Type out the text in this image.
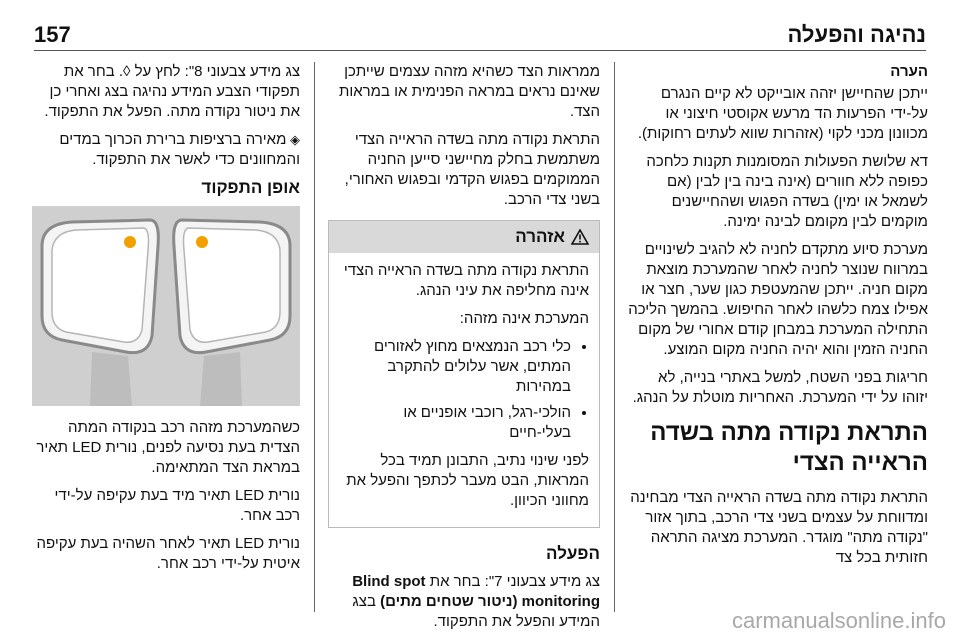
157	נהיגה והפעלה
הערה

ייתכן שהחיישן יזהה אובייקט לא קיים הנגרם על-ידי הפרעות הד מרעש אקוסטי חיצוני או מכוונון מכני לקוי (אזהרות שווא לעתים רחוקות).

דא שלושת הפעולות המסומנות תקנות כלחכה כפופה ללא חוורים (אינה בינה בין לבין (אם לשמאל או ימין) בשדה הפגוש ושהחיישנים מוקמים לבין מקומם לבינה ימינה.

מערכת סיוע מתקדם לחניה לא להגיב לשינויים במרווח שנוצר לחניה לאחר שהמערכת מוצאת מקום חניה. ייתכן שהמעטפת כגון שער, חצר או אפילו צמח כלשהו לאחר החיפוש. בהמשך הליכה התחילה המערכת במבחן קודם אחורי של מקום החניה הזמין והוא יהיה החניה מקום המוצע.

חריגות בפני השטח, למשל באתרי בנייה, לא יזוהו על ידי המערכת. האחריות מוטלת על הנהג.

התראת נקודה מתה בשדה הראייה הצדי

התראת נקודה מתה בשדה הראייה הצדי מבחינה ומדווחת על עצמים בשני צדי הרכב, בתוך אזור "נקודה מתה" מוגדר. המערכת מציגה התראה חזותית בכל צד

ממראות הצד כשהיא מזהה עצמים שייתכן שאינם נראים במראה הפנימית או במראות הצד.

התראת נקודה מתה בשדה הראייה הצדי משתמשת בחלק מחיישני סייען החניה הממוקמים בפגוש הקדמי ובפגוש האחורי, בשני צדי הרכב.

אזהרה

התראת נקודה מתה בשדה הראייה הצדי אינה מחליפה את עיני הנהג.

המערכת אינה מזהה:

• כלי רכב הנמצאים מחוץ לאזורים המתים, אשר עלולים להתקרב במהירות
• הולכי-רגל, רוכבי אופניים או בעלי-חיים

לפני שינוי נתיב, התבונן תמיד בכל המראות, הבט מעבר לכתפך והפעל את מחווני הכיוון.

הפעלה

צג מידע צבעוני 7": בחר את Blind spot monitoring (ניטור שטחים מתים) בצג המידע והפעל את התפקוד.

צג מידע צבעוני 8": לחץ על ◊. בחר את תפקודי הצבע המידע נהיגה בצג ואחרי כן את ניטור נקודה מתה. הפעל את התפקוד.

◈ מאירה ברציפות ברירת הכרוך במדים והמחוונים כדי לאשר את התפקוד.

אופן התפקוד

כשהמערכת מזהה רכב בנקודה המתה הצדית בעת נסיעה לפנים, נורית LED תאיר במראת הצד המתאימה.

נורית LED תאיר מיד בעת עקיפה על-ידי רכב אחר.

נורית LED תאיר לאחר השהיה בעת עקיפה איטית על-ידי רכב אחר.

carmanualsonline.info
